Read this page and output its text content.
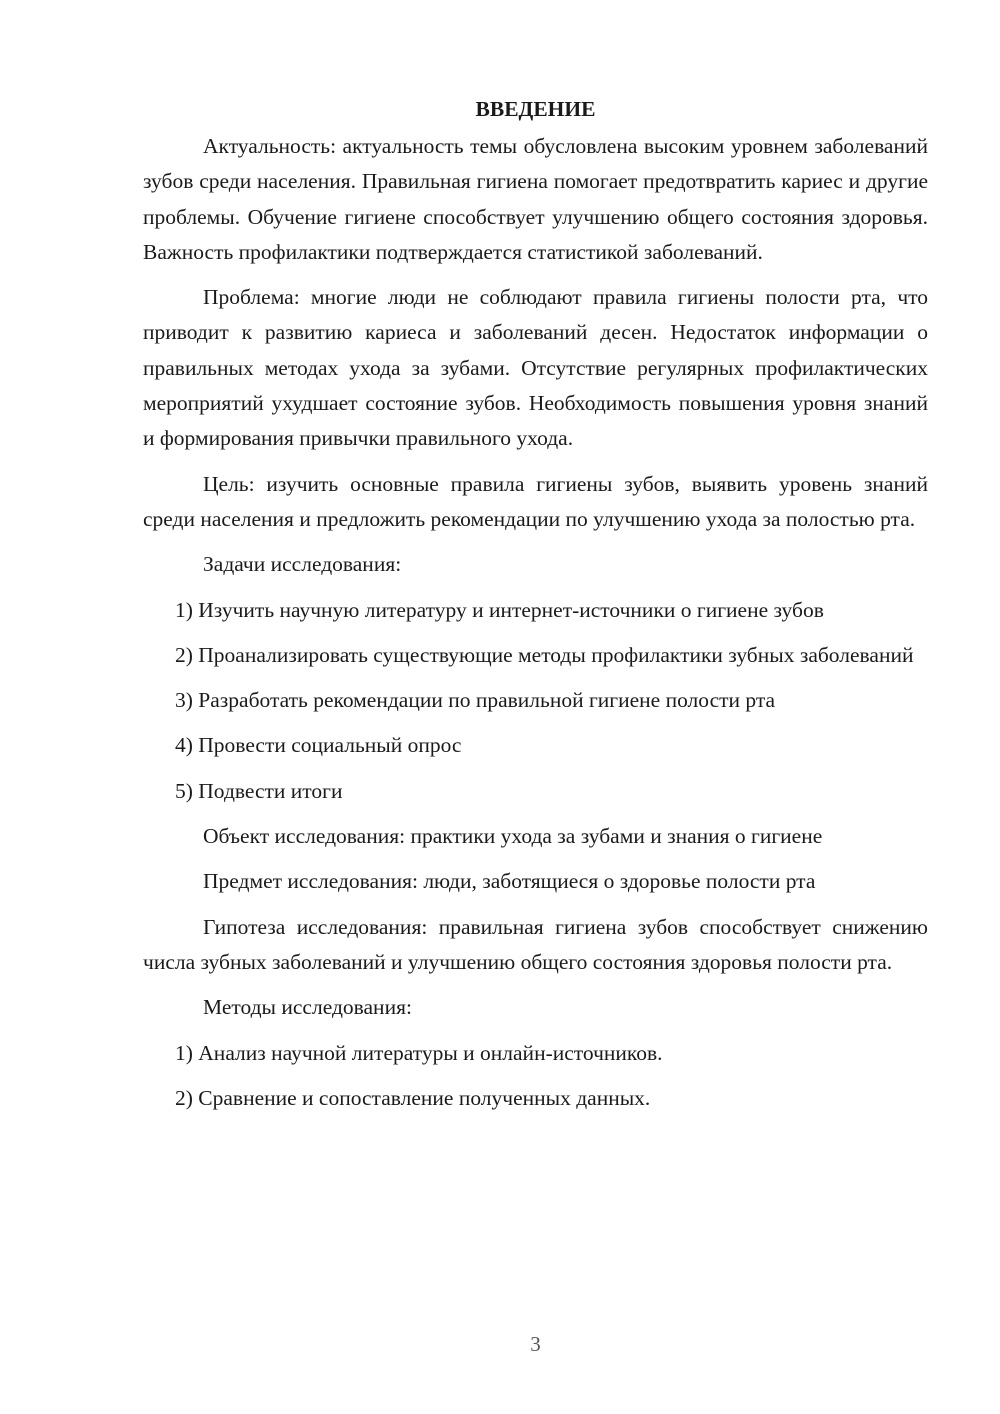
ВВЕДЕНИЕ

Актуальность: актуальность темы обусловлена высоким уровнем заболеваний зубов среди населения. Правильная гигиена помогает предотвратить кариес и другие проблемы. Обучение гигиене способствует улучшению общего состояния здоровья. Важность профилактики подтверждается статистикой заболеваний.

Проблема: многие люди не соблюдают правила гигиены полости рта, что приводит к развитию кариеса и заболеваний десен. Недостаток информации о правильных методах ухода за зубами. Отсутствие регулярных профилактических мероприятий ухудшает состояние зубов. Необходимость повышения уровня знаний и формирования привычки правильного ухода.

Цель: изучить основные правила гигиены зубов, выявить уровень знаний среди населения и предложить рекомендации по улучшению ухода за полостью рта.

Задачи исследования:

1) Изучить научную литературу и интернет-источники о гигиене зубов

2) Проанализировать существующие методы профилактики зубных заболеваний

3) Разработать рекомендации по правильной гигиене полости рта

4) Провести социальный опрос

5) Подвести итоги

Объект исследования: практики ухода за зубами и знания о гигиене

Предмет исследования: люди, заботящиеся о здоровье полости рта

Гипотеза исследования: правильная гигиена зубов способствует снижению числа зубных заболеваний и улучшению общего состояния здоровья полости рта.

Методы исследования:

1) Анализ научной литературы и онлайн-источников.

2) Сравнение и сопоставление полученных данных.

3
